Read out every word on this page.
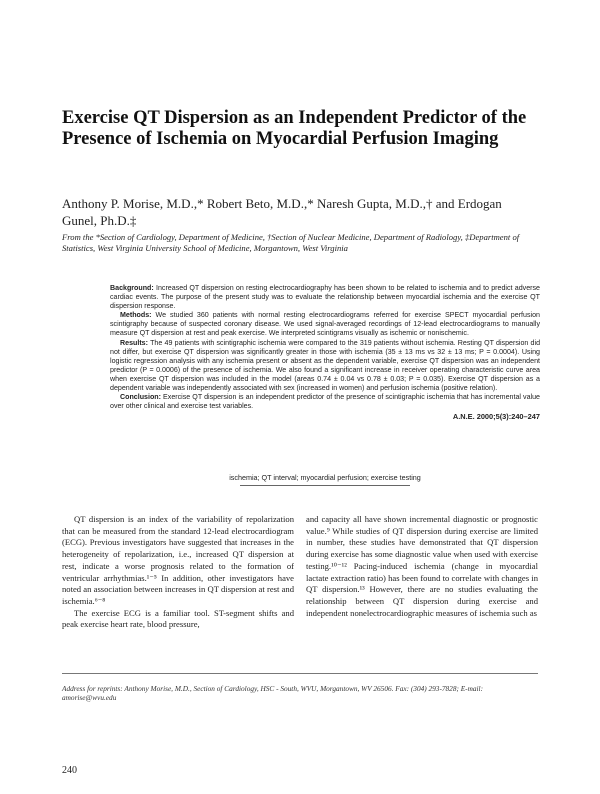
Exercise QT Dispersion as an Independent Predictor of the Presence of Ischemia on Myocardial Perfusion Imaging
Anthony P. Morise, M.D.,* Robert Beto, M.D.,* Naresh Gupta, M.D.,† and Erdogan Gunel, Ph.D.‡
From the *Section of Cardiology, Department of Medicine, †Section of Nuclear Medicine, Department of Radiology, ‡Department of Statistics, West Virginia University School of Medicine, Morgantown, West Virginia

Background: Increased QT dispersion on resting electrocardiography has been shown to be related to ischemia and to predict adverse cardiac events. The purpose of the present study was to evaluate the relationship between myocardial ischemia and the exercise QT dispersion response.

Methods: We studied 360 patients with normal resting electrocardiograms referred for exercise SPECT myocardial perfusion scintigraphy because of suspected coronary disease. We used signal-averaged recordings of 12-lead electrocardiograms to manually measure QT dispersion at rest and peak exercise. We interpreted scintigrams visually as ischemic or nonischemic.

Results: The 49 patients with scintigraphic ischemia were compared to the 319 patients without ischemia. Resting QT dispersion did not differ, but exercise QT dispersion was significantly greater in those with ischemia (35 ± 13 ms vs 32 ± 13 ms; P = 0.0004). Using logistic regression analysis with any ischemia present or absent as the dependent variable, exercise QT dispersion was an independent predictor (P = 0.0006) of the presence of ischemia. We also found a significant increase in receiver operating characteristic curve area when exercise QT dispersion was included in the model (areas 0.74 ± 0.04 vs 0.78 ± 0.03; P = 0.035). Exercise QT dispersion as a dependent variable was independently associated with sex (increased in women) and perfusion ischemia (positive relation).

Conclusion: Exercise QT dispersion is an independent predictor of the presence of scintigraphic ischemia that has incremental value over other clinical and exercise test variables.

A.N.E. 2000;5(3):240–247
ischemia; QT interval; myocardial perfusion; exercise testing

QT dispersion is an index of the variability of repolarization that can be measured from the standard 12-lead electrocardiogram (ECG). Previous investigators have suggested that increases in the heterogeneity of repolarization, i.e., increased QT dispersion at rest, indicate a worse prognosis related to the formation of ventricular arrhythmias.¹⁻⁵ In addition, other investigators have noted an association between increases in QT dispersion at rest and ischemia.⁶⁻⁸

The exercise ECG is a familiar tool. ST-segment shifts and peak exercise heart rate, blood pressure,

and capacity all have shown incremental diagnostic or prognostic value.⁹ While studies of QT dispersion during exercise are limited in number, these studies have demonstrated that QT dispersion during exercise has some diagnostic value when used with exercise testing.¹⁰⁻¹² Pacing-induced ischemia (change in myocardial lactate extraction ratio) has been found to correlate with changes in QT dispersion.¹³ However, there are no studies evaluating the relationship between QT dispersion during exercise and independent nonelectrocardiographic measures of ischemia such as

Address for reprints: Anthony Morise, M.D., Section of Cardiology, HSC - South, WVU, Morgantown, WV 26506. Fax: (304) 293-7828; E-mail: amorise@wvu.edu
240
